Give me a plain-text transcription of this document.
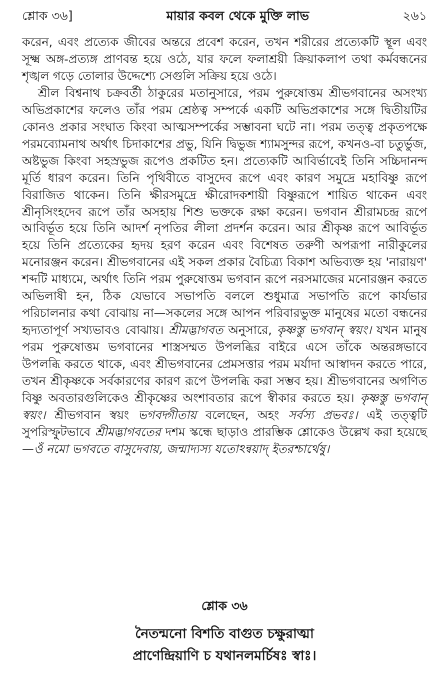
শ্লোক ৩৬]	মায়ার কবল থেকে মুক্তি লাভ	২৬১

করেন, এবং প্রত্যেক জীবের অন্তরে প্রবেশ করেন, তখন শরীরের প্রত্যেকটি স্থূল এবং সূক্ষ্ম অঙ্গ-প্রত্যঙ্গ প্রাণবন্ত হয়ে ওঠে, যার ফলে ফলাশ্রয়ী ক্রিয়াকলাপ তথা কর্মবন্ধনের শৃঙ্খল গড়ে তোলার উদ্দেশ্যে সেগুলি সক্রিয় হয়ে ওঠে।

শ্রীল বিশ্বনাথ চক্রবর্তী ঠাকুরের মতানুসারে, পরম পুরুষোত্তম শ্রীভগবানের অসংখ্য অভিপ্রকাশের ফলেও তাঁর পরম শ্রেষ্ঠত্ব সম্পর্কে একটি অভিপ্রকাশের সঙ্গে দ্বিতীয়টির কোনও প্রকার সংঘাত কিংবা আত্মসম্পর্কের সম্ভাবনা ঘটে না। পরম তত্ত্ব প্রকৃতপক্ষে পরমব্যোমনাথ অর্থাৎ চিদাকাশের প্রভু, যিনি দ্বিভুজ শ্যামসুন্দর রূপে, কখনও-বা চতুর্ভুজ, অষ্টভুজ কিংবা সহস্রভুজ রূপেও প্রকটিত হন। প্রত্যেকটি আবির্ভাবেই তিনি সচ্চিদানন্দ মূর্তি ধারণ করেন। তিনি পৃথিবীতে বাসুদেব রূপে এবং কারণ সমুদ্রে মহাবিষ্ণু রূপে বিরাজিত থাকেন। তিনি ক্ষীরসমুদ্রে ক্ষীরোদকশায়ী বিষ্ণুরূপে শায়িত থাকেন এবং শ্রীনৃসিংহদেব রূপে তাঁর অসহায় শিশু ভক্তকে রক্ষা করেন। ভগবান শ্রীরামচন্দ্র রূপে আবির্ভূত হয়ে তিনি আদর্শ নৃপতির লীলা প্রদর্শন করেন। আর শ্রীকৃষ্ণ রূপে আবির্ভূত হয়ে তিনি প্রত্যেকের হৃদয় হরণ করেন এবং বিশেষত তরুণী অপরূপা নারীকুলের মনোরঞ্জন করেন। শ্রীভগবানের এই সকল প্রকার বৈচিত্র্য বিকাশ অভিব্যক্ত হয় 'নারায়ণ' শব্দটি মাধ্যমে, অর্থাৎ তিনি পরম পুরুষোত্তম ভগবান রূপে নরসমাজের মনোরঞ্জন করতে অভিলাষী হন, ঠিক যেভাবে সভাপতি বললে শুধুমাত্র সভাপতি রূপে কার্যভার পরিচালনার কথা বোঝায় না—সকলের সঙ্গে আপন পরিবারভুক্ত মানুষের মতো বন্ধনের হৃদ্যতাপূর্ণ সখ্যভাবও বোঝায়। শ্রীমদ্ভাগবত অনুসারে, কৃষ্ণস্তু ভগবান্ স্বয়ং। যখন মানুষ পরম পুরুষোত্তম ভগবানের শাস্ত্রসম্মত উপলব্ধির বাইরে এসে তাঁকে অন্তরঙ্গভাবে উপলব্ধি করতে থাকে, এবং শ্রীভগবানের প্রেমসত্তার পরম মর্যাদা আস্বাদন করতে পারে, তখন শ্রীকৃষ্ণকে সর্বকারণের কারণ রূপে উপলব্ধি করা সম্ভব হয়। শ্রীভগবানের অগণিত বিষ্ণু অবতারগুলিকেও শ্রীকৃষ্ণের অংশাবতার রূপে স্বীকার করতে হয়। কৃষ্ণস্তু ভগবান্ স্বয়ং। শ্রীভগবান স্বয়ং ভগবদ্গীতায় বলেছেন, অহং সর্বস্য প্রভবঃ। এই তত্ত্বটি সুপরিস্ফুটভাবে শ্রীমদ্ভাগবতের দশম স্কন্ধে ছাড়াও প্রারম্ভিক শ্লোকেও উল্লেখ করা হয়েছে—ওঁ নমো ভগবতে বাসুদেবায়, জন্মাদ্যস্য যতোঽন্বয়াদ্ ইতরশ্চার্থেষু।

শ্লোক ৩৬
নৈতন্মনো বিশতি বাগুত চক্ষুরাত্মা
প্রাণেন্দ্রিয়াণি চ যথানলমর্চিষঃ স্বাঃ।
